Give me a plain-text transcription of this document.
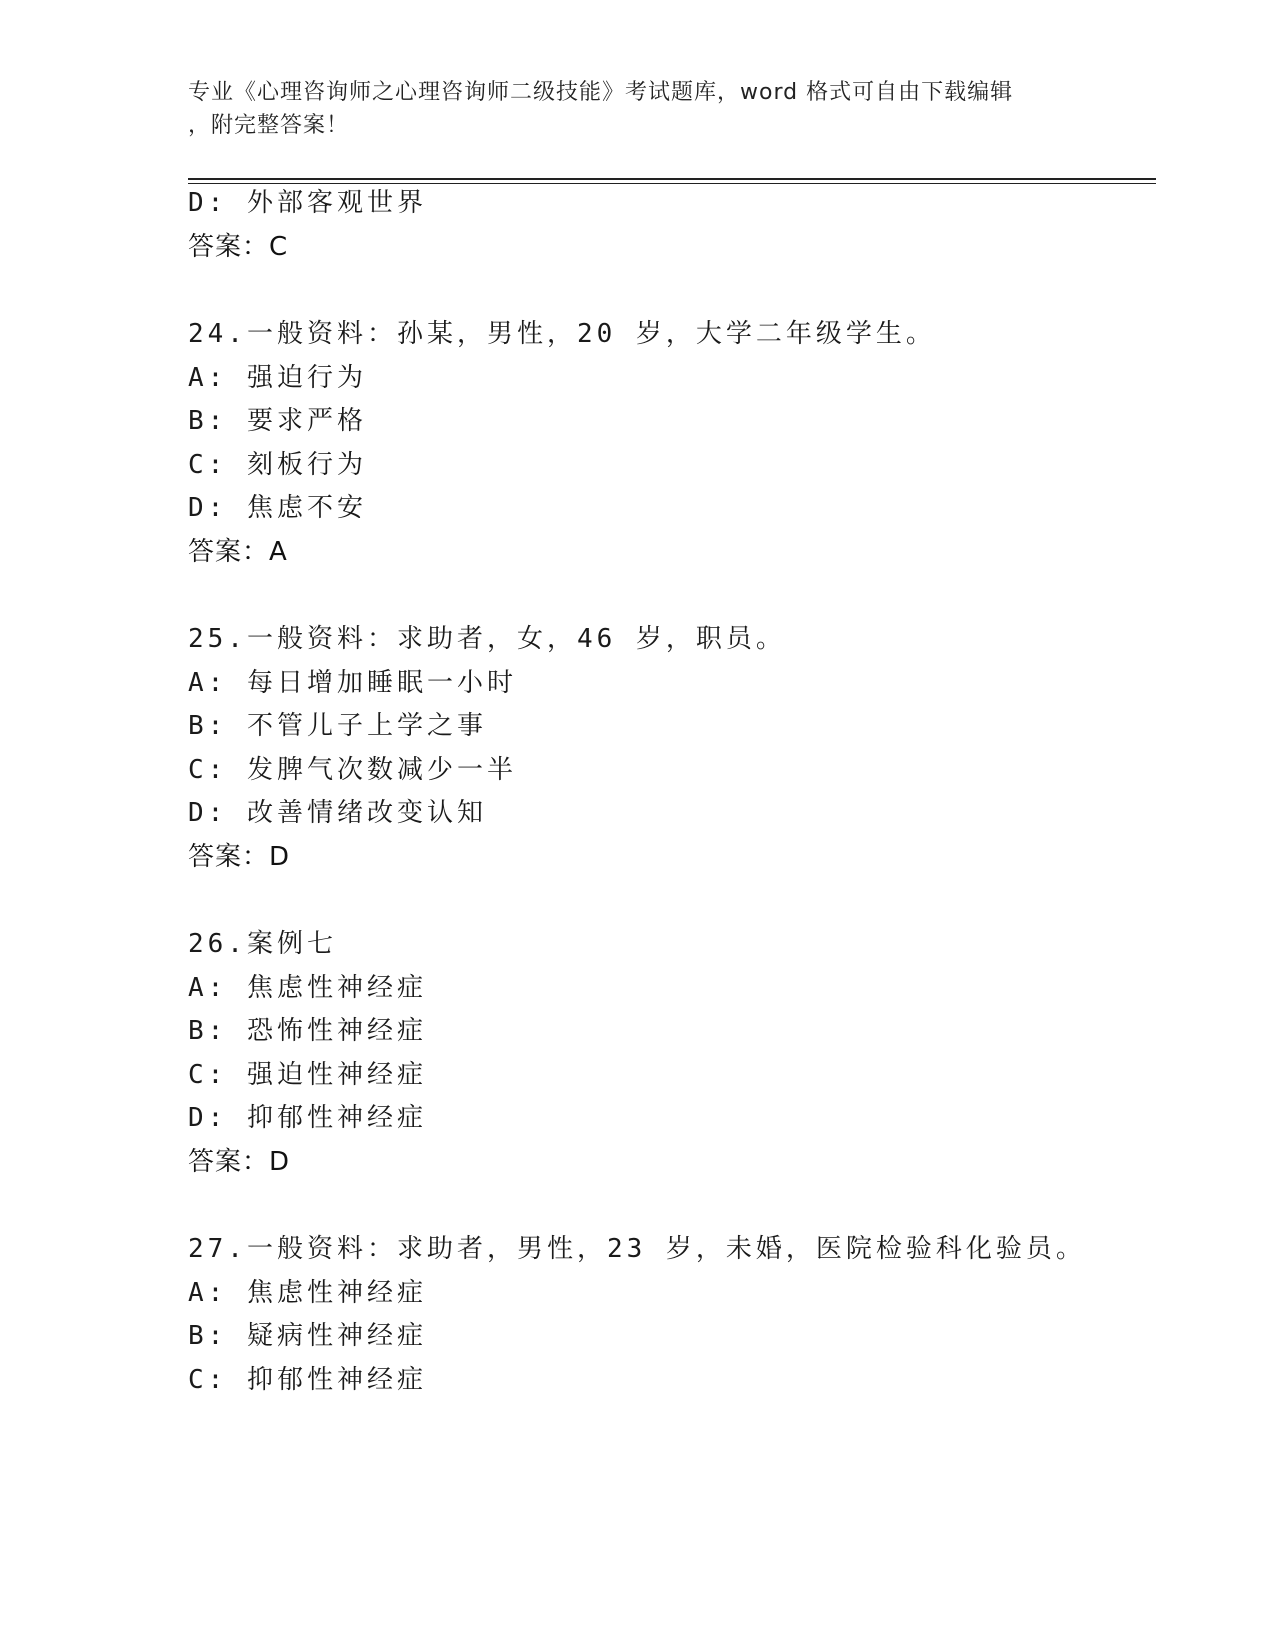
专业《心理咨询师之心理咨询师二级技能》考试题库，word 格式可自由下载编辑
，附完整答案！
D: 外部客观世界
答案：C
24.一般资料：孙某，男性，20 岁，大学二年级学生。
A: 强迫行为
B: 要求严格
C: 刻板行为
D: 焦虑不安
答案：A
25.一般资料：求助者，女，46 岁，职员。
A: 每日增加睡眠一小时
B: 不管儿子上学之事
C: 发脾气次数减少一半
D: 改善情绪改变认知
答案：D
26.案例七
A: 焦虑性神经症
B: 恐怖性神经症
C: 强迫性神经症
D: 抑郁性神经症
答案：D
27.一般资料：求助者，男性，23 岁，未婚，医院检验科化验员。
A: 焦虑性神经症
B: 疑病性神经症
C: 抑郁性神经症
